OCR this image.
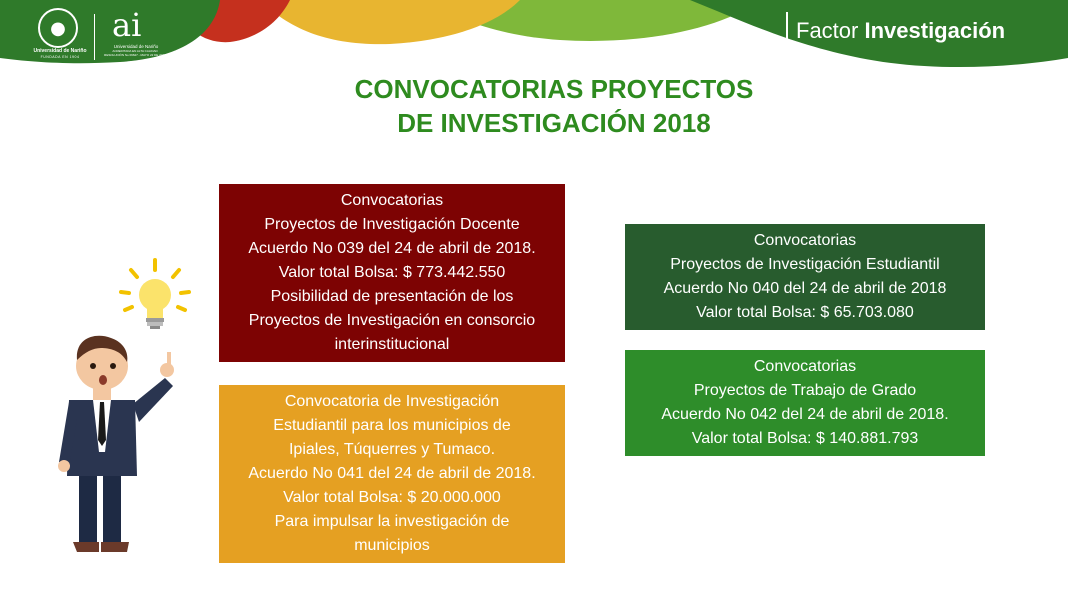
●
Universidad de Nariño
FUNDADA EN 1904
ai
Universidad de Nariño
ACREDITADA EN ALTA CALIDAD
RESOLUCIÓN No 09627 - MAYO 22 DE 2017
Factor Investigación
CONVOCATORIAS PROYECTOS
DE INVESTIGACIÓN 2018
Convocatorias
Proyectos de Investigación Docente
Acuerdo No 039 del 24 de abril de 2018.
Valor total Bolsa: $ 773.442.550
Posibilidad de presentación de los
Proyectos de Investigación en consorcio
interinstitucional
Convocatoria de Investigación
Estudiantil para los municipios de
Ipiales, Túquerres y Tumaco.
Acuerdo No 041 del 24 de abril de 2018.
Valor total Bolsa: $ 20.000.000
Para impulsar la investigación de
municipios
Convocatorias
Proyectos de Investigación Estudiantil
Acuerdo No 040 del 24 de abril de 2018
Valor total Bolsa: $ 65.703.080
Convocatorias
Proyectos de Trabajo de Grado
Acuerdo No 042 del 24 de abril de 2018.
Valor total Bolsa: $ 140.881.793
